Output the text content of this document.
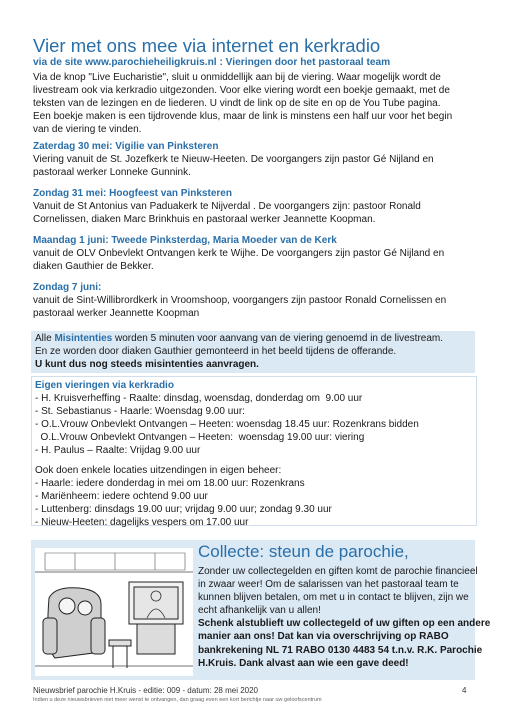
Vier met ons mee via internet en kerkradio
via de site www.parochieheiligkruis.nl : Vieringen door het pastoraal team
Via de knop "Live Eucharistie", sluit u onmiddellijk aan bij de viering. Waar mogelijk wordt de
livestream ook via kerkradio uitgezonden. Voor elke viering wordt een boekje gemaakt, met de
teksten van de lezingen en de liederen. U vindt de link op de site en op de You Tube pagina.
Een boekje maken is een tijdrovende klus, maar de link is minstens een half uur voor het begin
van de viering te vinden.
Zaterdag 30 mei: Vigilie van Pinksteren
Viering vanuit de St. Jozefkerk te Nieuw-Heeten. De voorgangers zijn pastor Gé Nijland en
pastoraal werker Lonneke Gunnink.
Zondag 31 mei: Hoogfeest van Pinksteren
Vanuit de St Antonius van Paduakerk te Nijverdal . De voorgangers zijn: pastoor Ronald
Cornelissen, diaken Marc Brinkhuis en pastoraal werker Jeannette Koopman.
Maandag 1 juni: Tweede Pinksterdag, Maria Moeder van de Kerk
vanuit de OLV Onbevlekt Ontvangen kerk te Wijhe. De voorgangers zijn pastor Gé Nijland en
diaken Gauthier de Bekker.
Zondag 7 juni:
vanuit de Sint-Willibrordkerk in Vroomshoop, voorgangers zijn pastoor Ronald Cornelissen en
pastoraal werker Jeannette Koopman
Alle Misintenties worden 5 minuten voor aanvang van de viering genoemd in de livestream.
En ze worden door diaken Gauthier gemonteerd in het beeld tijdens de offerande.
U kunt dus nog steeds misintenties aanvragen.
Eigen vieringen via kerkradio
- H. Kruisverheffing - Raalte: dinsdag, woensdag, donderdag om  9.00 uur
- St. Sebastianus - Haarle: Woensdag 9.00 uur:
- O.L.Vrouw Onbevlekt Ontvangen – Heeten: woensdag 18.45 uur: Rozenkrans bidden
O.L.Vrouw Onbevlekt Ontvangen – Heeten:  woensdag 19.00 uur: viering
- H. Paulus – Raalte: Vrijdag 9.00 uur
Ook doen enkele locaties uitzendingen in eigen beheer:
- Haarle: iedere donderdag in mei om 18.00 uur: Rozenkrans
- Mariënheem: iedere ochtend 9.00 uur
- Luttenberg: dinsdags 19.00 uur; vrijdag 9.00 uur; zondag 9.30 uur
- Nieuw-Heeten: dagelijks vespers om 17.00 uur
Collecte: steun de parochie,
Zonder uw collectegelden en giften komt de parochie financieel
in zwaar weer! Om de salarissen van het pastoraal team te
kunnen blijven betalen, om met u in contact te blijven, zijn we
echt afhankelijk van u allen!
Schenk alstublieft uw collectegeld of uw giften op een andere
manier aan ons! Dat kan via overschrijving op RABO
bankrekening NL 71 RABO 0130 4483 54 t.n.v. R.K. Parochie
H.Kruis. Dank alvast aan wie een gave deed!
Nieuwsbrief parochie H.Kruis - editie: 009 - datum: 28 mei 2020	4
Indien u deze nieuwsbrieven niet meer wenst te ontvangen, dan graag even een kort berichtje naar uw geloofscentrum
